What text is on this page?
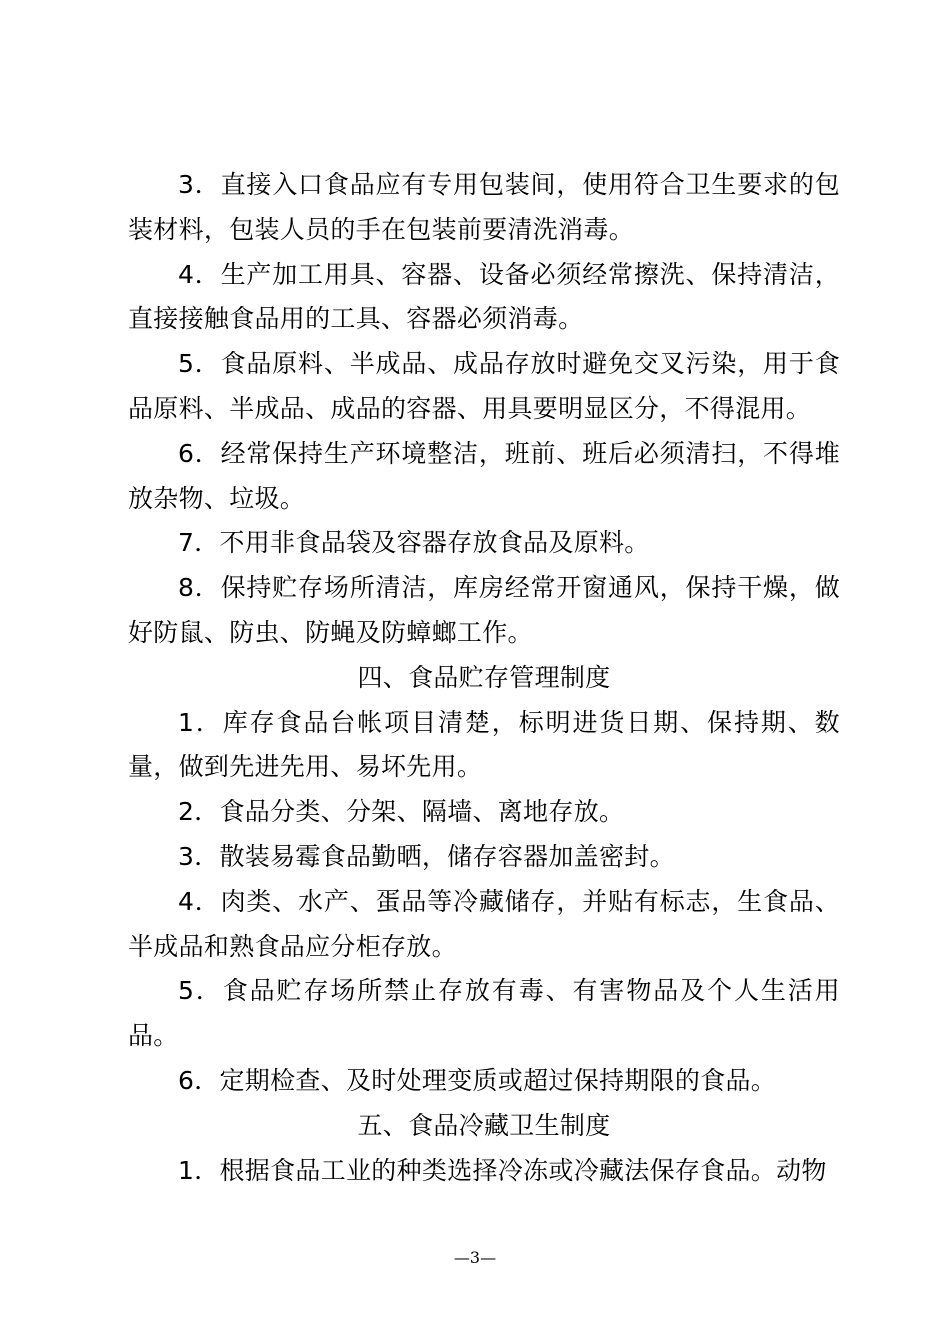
3．直接入口食品应有专用包装间，使用符合卫生要求的包装材料，包装人员的手在包装前要清洗消毒。

4．生产加工用具、容器、设备必须经常擦洗、保持清洁，直接接触食品用的工具、容器必须消毒。

5．食品原料、半成品、成品存放时避免交叉污染，用于食品原料、半成品、成品的容器、用具要明显区分，不得混用。

6．经常保持生产环境整洁，班前、班后必须清扫，不得堆放杂物、垃圾。

7．不用非食品袋及容器存放食品及原料。

8．保持贮存场所清洁，库房经常开窗通风，保持干燥，做好防鼠、防虫、防蝇及防蟑螂工作。

四、食品贮存管理制度

1．库存食品台帐项目清楚，标明进货日期、保持期、数量，做到先进先用、易坏先用。

2．食品分类、分架、隔墙、离地存放。

3．散装易霉食品勤晒，储存容器加盖密封。

4．肉类、水产、蛋品等冷藏储存，并贴有标志，生食品、半成品和熟食品应分柜存放。

5．食品贮存场所禁止存放有毒、有害物品及个人生活用品。

6．定期检查、及时处理变质或超过保持期限的食品。

五、食品冷藏卫生制度

1．根据食品工业的种类选择冷冻或冷藏法保存食品。动物

—3—
